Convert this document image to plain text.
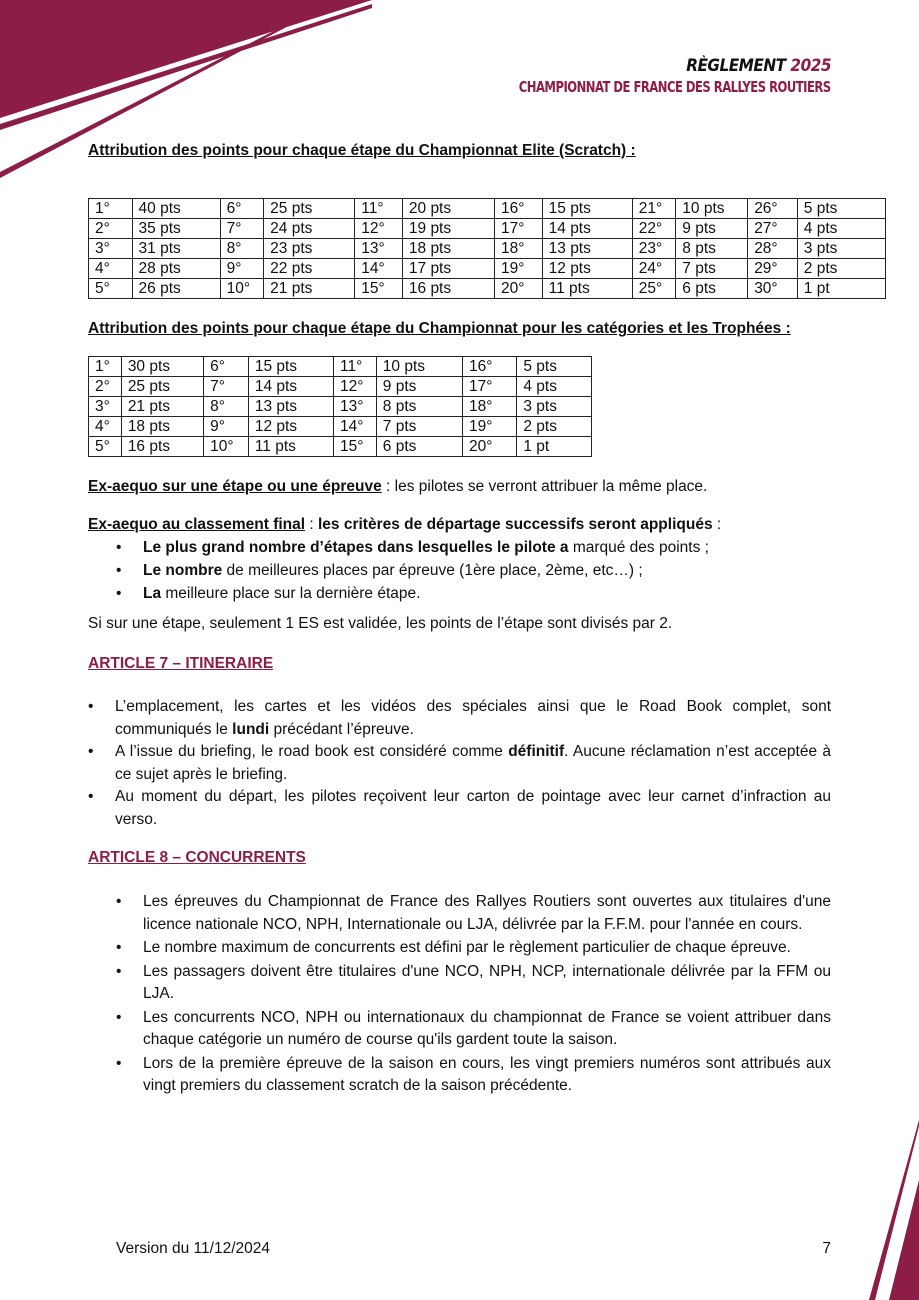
RÈGLEMENT 2025
CHAMPIONNAT DE FRANCE DES RALLYES ROUTIERS

Attribution des points pour chaque étape du Championnat Elite (Scratch) :

1°	40 pts	6°	25 pts	11°	20 pts	16°	15 pts	21°	10 pts	26°	5 pts
2°	35 pts	7°	24 pts	12°	19 pts	17°	14 pts	22°	9 pts	27°	4 pts
3°	31 pts	8°	23 pts	13°	18 pts	18°	13 pts	23°	8 pts	28°	3 pts
4°	28 pts	9°	22 pts	14°	17 pts	19°	12 pts	24°	7 pts	29°	2 pts
5°	26 pts	10°	21 pts	15°	16 pts	20°	11 pts	25°	6 pts	30°	1 pt

Attribution des points pour chaque étape du Championnat pour les catégories et les Trophées :

1°	30 pts	6°	15 pts	11°	10 pts	16°	5 pts
2°	25 pts	7°	14 pts	12°	9 pts	17°	4 pts
3°	21 pts	8°	13 pts	13°	8 pts	18°	3 pts
4°	18 pts	9°	12 pts	14°	7 pts	19°	2 pts
5°	16 pts	10°	11 pts	15°	6 pts	20°	1 pt

Ex-aequo sur une étape ou une épreuve : les pilotes se verront attribuer la même place.

Ex-aequo au classement final : les critères de départage successifs seront appliqués :

• Le plus grand nombre d’étapes dans lesquelles le pilote a marqué des points ;
• Le nombre de meilleures places par épreuve (1ère place, 2ème, etc…) ;
• La meilleure place sur la dernière étape.

Si sur une étape, seulement 1 ES est validée, les points de l’étape sont divisés par 2.

ARTICLE 7 – ITINERAIRE

• L’emplacement, les cartes et les vidéos des spéciales ainsi que le Road Book complet, sont communiqués le lundi précédant l’épreuve.
• A l’issue du briefing, le road book est considéré comme définitif. Aucune réclamation n’est acceptée à ce sujet après le briefing.
• Au moment du départ, les pilotes reçoivent leur carton de pointage avec leur carnet d’infraction au verso.

ARTICLE 8 – CONCURRENTS

• Les épreuves du Championnat de France des Rallyes Routiers sont ouvertes aux titulaires d'une licence nationale NCO, NPH, Internationale ou LJA, délivrée par la F.F.M. pour l'année en cours.
• Le nombre maximum de concurrents est défini par le règlement particulier de chaque épreuve.
• Les passagers doivent être titulaires d'une NCO, NPH, NCP, internationale délivrée par la FFM ou LJA.
• Les concurrents NCO, NPH ou internationaux du championnat de France se voient attribuer dans chaque catégorie un numéro de course qu'ils gardent toute la saison.
• Lors de la première épreuve de la saison en cours, les vingt premiers numéros sont attribués aux vingt premiers du classement scratch de la saison précédente.
Version du 11/12/2024	7
